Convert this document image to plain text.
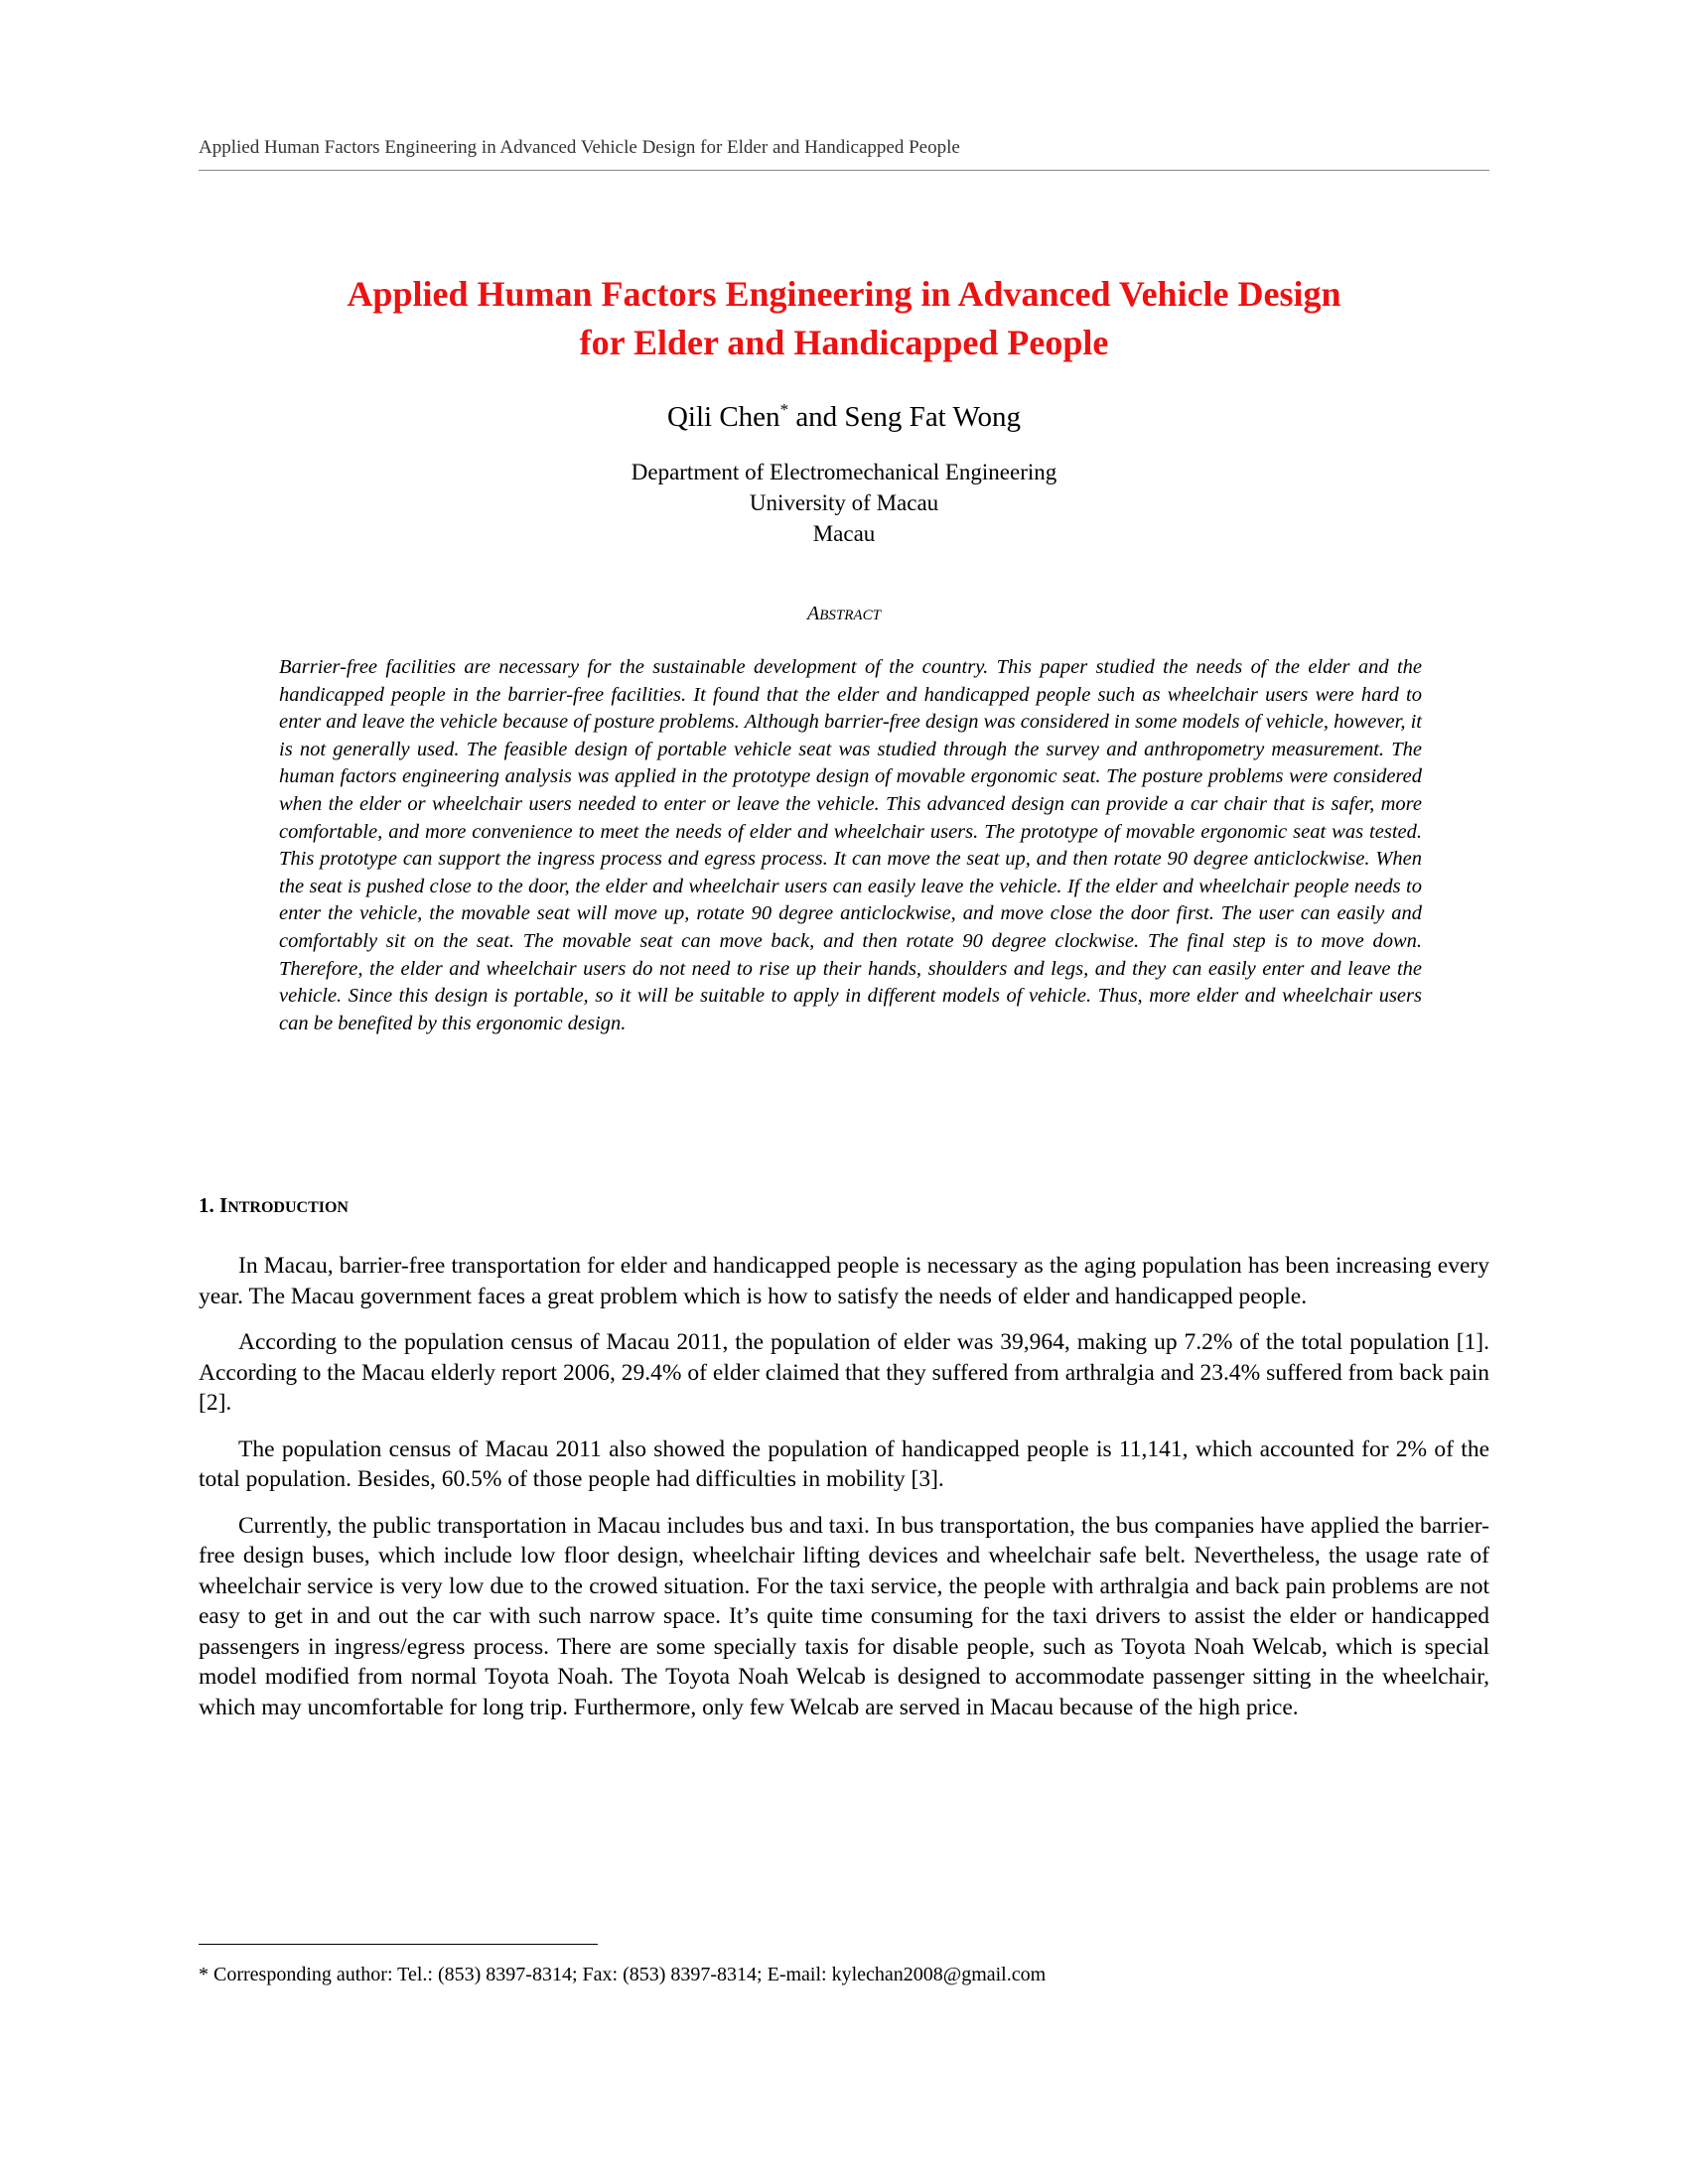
Applied Human Factors Engineering in Advanced Vehicle Design for Elder and Handicapped People
Applied Human Factors Engineering in Advanced Vehicle Design
for Elder and Handicapped People
Qili Chen* and Seng Fat Wong
Department of Electromechanical Engineering
University of Macau
Macau
ABSTRACT

Barrier-free facilities are necessary for the sustainable development of the country. This paper studied the needs of the elder and the handicapped people in the barrier-free facilities. It found that the elder and handicapped people such as wheelchair users were hard to enter and leave the vehicle because of posture problems. Although barrier-free design was considered in some models of vehicle, however, it is not generally used. The feasible design of portable vehicle seat was studied through the survey and anthropometry measurement. The human factors engineering analysis was applied in the prototype design of movable ergonomic seat. The posture problems were considered when the elder or wheelchair users needed to enter or leave the vehicle. This advanced design can provide a car chair that is safer, more comfortable, and more convenience to meet the needs of elder and wheelchair users. The prototype of movable ergonomic seat was tested. This prototype can support the ingress process and egress process. It can move the seat up, and then rotate 90 degree anticlockwise. When the seat is pushed close to the door, the elder and wheelchair users can easily leave the vehicle. If the elder and wheelchair people needs to enter the vehicle, the movable seat will move up, rotate 90 degree anticlockwise, and move close the door first. The user can easily and comfortably sit on the seat. The movable seat can move back, and then rotate 90 degree clockwise. The final step is to move down. Therefore, the elder and wheelchair users do not need to rise up their hands, shoulders and legs, and they can easily enter and leave the vehicle. Since this design is portable, so it will be suitable to apply in different models of vehicle. Thus, more elder and wheelchair users can be benefited by this ergonomic design.

1. INTRODUCTION

In Macau, barrier-free transportation for elder and handicapped people is necessary as the aging population has been increasing every year. The Macau government faces a great problem which is how to satisfy the needs of elder and handicapped people.

According to the population census of Macau 2011, the population of elder was 39,964, making up 7.2% of the total population [1]. According to the Macau elderly report 2006, 29.4% of elder claimed that they suffered from arthralgia and 23.4% suffered from back pain [2].

The population census of Macau 2011 also showed the population of handicapped people is 11,141, which accounted for 2% of the total population. Besides, 60.5% of those people had difficulties in mobility [3].

Currently, the public transportation in Macau includes bus and taxi. In bus transportation, the bus companies have applied the barrier-free design buses, which include low floor design, wheelchair lifting devices and wheelchair safe belt. Nevertheless, the usage rate of wheelchair service is very low due to the crowed situation. For the taxi service, the people with arthralgia and back pain problems are not easy to get in and out the car with such narrow space. It’s quite time consuming for the taxi drivers to assist the elder or handicapped passengers in ingress/egress process. There are some specially taxis for disable people, such as Toyota Noah Welcab, which is special model modified from normal Toyota Noah. The Toyota Noah Welcab is designed to accommodate passenger sitting in the wheelchair, which may uncomfortable for long trip. Furthermore, only few Welcab are served in Macau because of the high price.

* Corresponding author: Tel.: (853) 8397-8314; Fax: (853) 8397-8314; E-mail: kylechan2008@gmail.com
